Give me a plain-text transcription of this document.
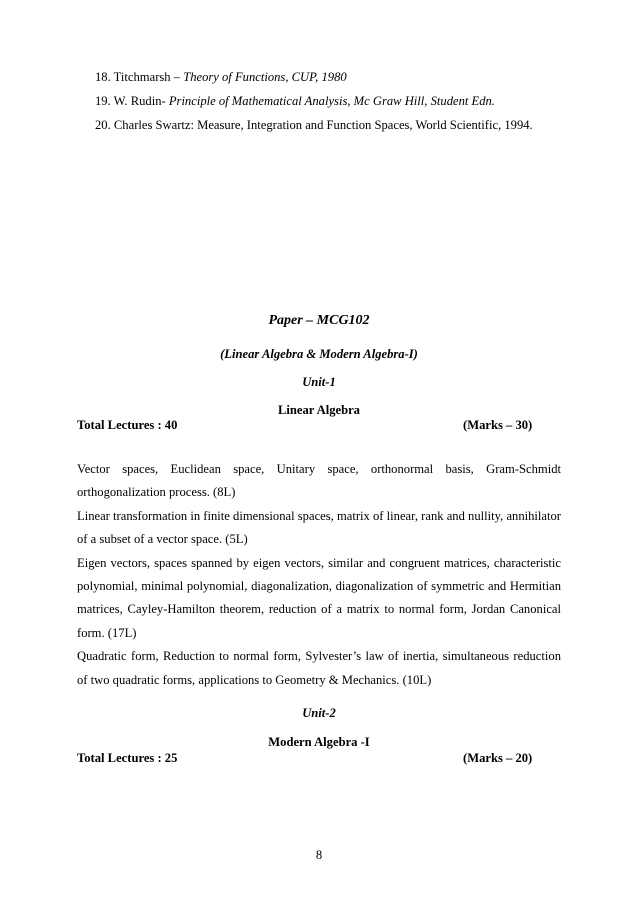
18. Titchmarsh – Theory of Functions, CUP, 1980
19. W. Rudin- Principle of Mathematical Analysis, Mc Graw Hill, Student Edn.
20. Charles Swartz: Measure, Integration and Function Spaces, World Scientific, 1994.
Paper – MCG102
(Linear Algebra & Modern Algebra-I)
Unit-1
Linear Algebra
Total Lectures : 40	(Marks – 30)
Vector spaces, Euclidean space, Unitary space, orthonormal basis, Gram-Schmidt orthogonalization process. (8L)
Linear transformation in finite dimensional spaces, matrix of linear, rank and nullity, annihilator of a subset of a vector space. (5L)
Eigen vectors, spaces spanned by eigen vectors, similar and congruent matrices, characteristic polynomial, minimal polynomial, diagonalization, diagonalization of symmetric and Hermitian matrices, Cayley-Hamilton theorem, reduction of a matrix to normal form, Jordan Canonical form. (17L)
Quadratic form, Reduction to normal form, Sylvester’s law of inertia, simultaneous reduction of two quadratic forms, applications to Geometry & Mechanics. (10L)
Unit-2
Modern Algebra -I
Total Lectures : 25	(Marks – 20)
8
